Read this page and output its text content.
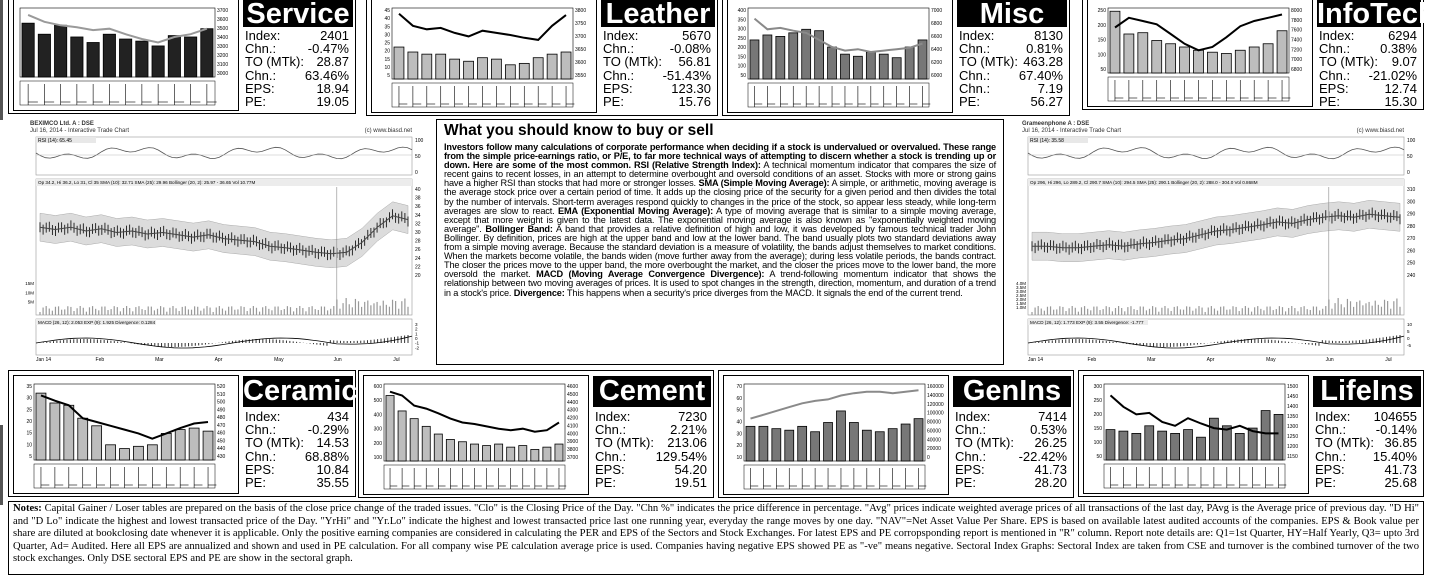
3700
3600
3500
3400
3300
3200
3100
3000
Service
Index:	2401
Chn.: -0.47%
TO (MTk): 28.87
Chn.: 63.46%
EPS:	18.94
PE:	19.05
45
40
35
30
25
20
15
10
5
3800
3750
3700
3650
3600
3550
Leather
Index:	5670
Chn.:	-0.08%
TO (MTk): 56.81
Chn.: -51.43%
EPS:	123.30
PE:	15.76
400
350
300
250
200
150
100
50
7000
6800
6600
6400
6200
6000
Misc
Index:	8130
Chn.:	0.81%
TO (MTk): 463.28
Chn.: 67.40%
Chn.:	7.19
PE:	56.27
250
200
150
100
50
8000
7800
7600
7400
7200
7000
6800
InfoTech
Index:	6294
Chn.: 0.38%
TO (MTk): 9.07
Chn.: -21.02%
EPS:	12.74
PE:	15.30
BEXIMCO Ltd. A : DSE
Jul 16, 2014 - Interactive Trade Chart	(c) www.biasd.net
RSI (14): 65.45	100
50
0
Op 34.2, Hi 36.2, Lo 31, Cl 35 SMA (10): 32.71 SMA (25): 29.96 Bollinger (20, 2): 25.97 - 36.65 Vol 10.77M
40
38
36
34
32
30
28
26
24
22
20
15M
10M
5M
MACD (26, 12): 2.053 EXP (9): 1.925 Divergence: 0.1284	3
2
1
0
-1
-2
Jan 14	Feb	Mar	Apr	May	Jun	Jul
Grameenphone A : DSE
Jul 16, 2014 - Interactive Trade Chart	(c) www.biasd.net
RSI (14): 35.58	100
50
0
Op 296, Hi 296, Lo 289.2, Cl 290.7 SMA (10): 294.5 SMA (25): 290.1 Bollinger (20, 2): 288.0 - 304.0 Vol 0.868M
310
300
290
280
270
260
250
240
4.0M
3.5M
3.0M
2.5M
2.0M
1.5M
1.0M
MACD (26, 12): 1.773 EXP (9): 3.55 Divergence: -1.777	10
5
0
-5
Jan 14	Feb	Mar	Apr	May	Jun	Jul
What you should know to buy or sell

Investors follow many calculations of corporate performance when deciding if a stock is undervalued or overvalued. These range from the simple price-earnings ratio, or P/E, to far more technical ways of attempting to discern whether a stock is trending up or down. Here are some of the most common. RSI (Relative Strength Index): A technical momentum indicator that compares the size of recent gains to recent losses, in an attempt to determine overbought and oversold conditions of an asset. Stocks with more or strong gains have a higher RSI than stocks that had more or stronger losses. SMA (Simple Moving Average): A simple, or arithmetic, moving average is the average stock price over a certain period of time. It adds up the closing price of the security for a given period and then divides the total by the number of intervals. Short-term averages respond quickly to changes in the price of the stock, so appear less steady, while long-term averages are slow to react. EMA (Exponential Moving Average): A type of moving average that is similar to a simple moving average, except that more weight is given to the latest data. The exponential moving average is also known as "exponentially weighted moving average". Bollinger Band: A band that provides a relative definition of high and low, it was developed by famous technical trader John Bollinger. By definition, prices are high at the upper band and low at the lower band. The band usually plots two standard deviations away from a simple moving average. Because the standard deviation is a measure of volatility, the bands adjust themselves to market conditions. When the markets become volatile, the bands widen (move further away from the average); during less volatile periods, the bands contract. The closer the prices move to the upper band, the more overbought the market, and the closer the prices move to the lower band, the more oversold the market. MACD (Moving Average Convergence Divergence): A trend-following momentum indicator that shows the relationship between two moving averages of prices. It is used to spot changes in the strength, direction, momentum, and duration of a trend in a stock's price. Divergence: This happens when a security's price diverges from the MACD. It signals the end of the current trend.

35
30
25
20
15
10
5
520
510
500
490
480
470
460
450
440
430
Ceramic
Index:	434
Chn.: -0.29%
TO (MTk): 14.53
Chn.: 68.88%
EPS:	10.84
PE:	35.55
600
500
400
300
200
100
4600
4500
4400
4300
4200
4100
4000
3900
3800
3700
Cement
Index:	7230
Chn.:	2.21%
TO (MTk): 213.06
Chn.: 129.54%
EPS:	54.20
PE:	19.51
70
60
50
40
30
20
10
160000
140000
120000
100000
80000
60000
40000
20000
0
GenIns
Index:	7414
Chn.:	0.53%
TO (MTk): 26.25
Chn.:	-22.42%
EPS:	41.73
PE:	28.20
300
250
200
150
100
50
1500
1450
1400
1350
1300
1250
1200
1150
LifeIns
Index: 104655
Chn.: -0.14%
TO (MTk): 36.85
Chn.: 15.40%
EPS:	41.73
PE:	25.68
Notes: Capital Gainer / Loser tables are prepared on the basis of the close price change of the traded issues. "Clo" is the Closing Price of the Day. "Chn %" indicates the price difference in percentage. "Avg" prices indicate weighted average prices of all transactions of the last day, PAvg is the Average price of previous day. "D Hi" and "D Lo" indicate the highest and lowest transacted price of the Day. "YrHi" and "Yr.Lo" indicate the highest and lowest transacted price last one running year, everyday the range moves by one day. "NAV"=Net Asset Value Per Share. EPS is based on available latest audited accounts of the companies. EPS & Book value per share are diluted at bookclosing date whenever it is applicable. Only the positive earning companies are considered in calculating the PER and EPS of the Sectors and Stock Exchanges. For latest EPS and PE corropsponding report is mentioned in "R" column. Report note details are: Q1=1st Quarter, HY=Half Yearly, Q3= upto 3rd Quarter, Ad= Audited. Here all EPS are annualized and shown and used in PE calculation. For all company wise PE calculation average price is used. Companies having negative EPS showed PE as "-ve" means negative. Sectoral Index Graphs: Sectoral Index are taken from CSE and turnover is the combined turnover of the two stock exchanges. Only DSE sectoral EPS and PE are show in the sectoral graph.
